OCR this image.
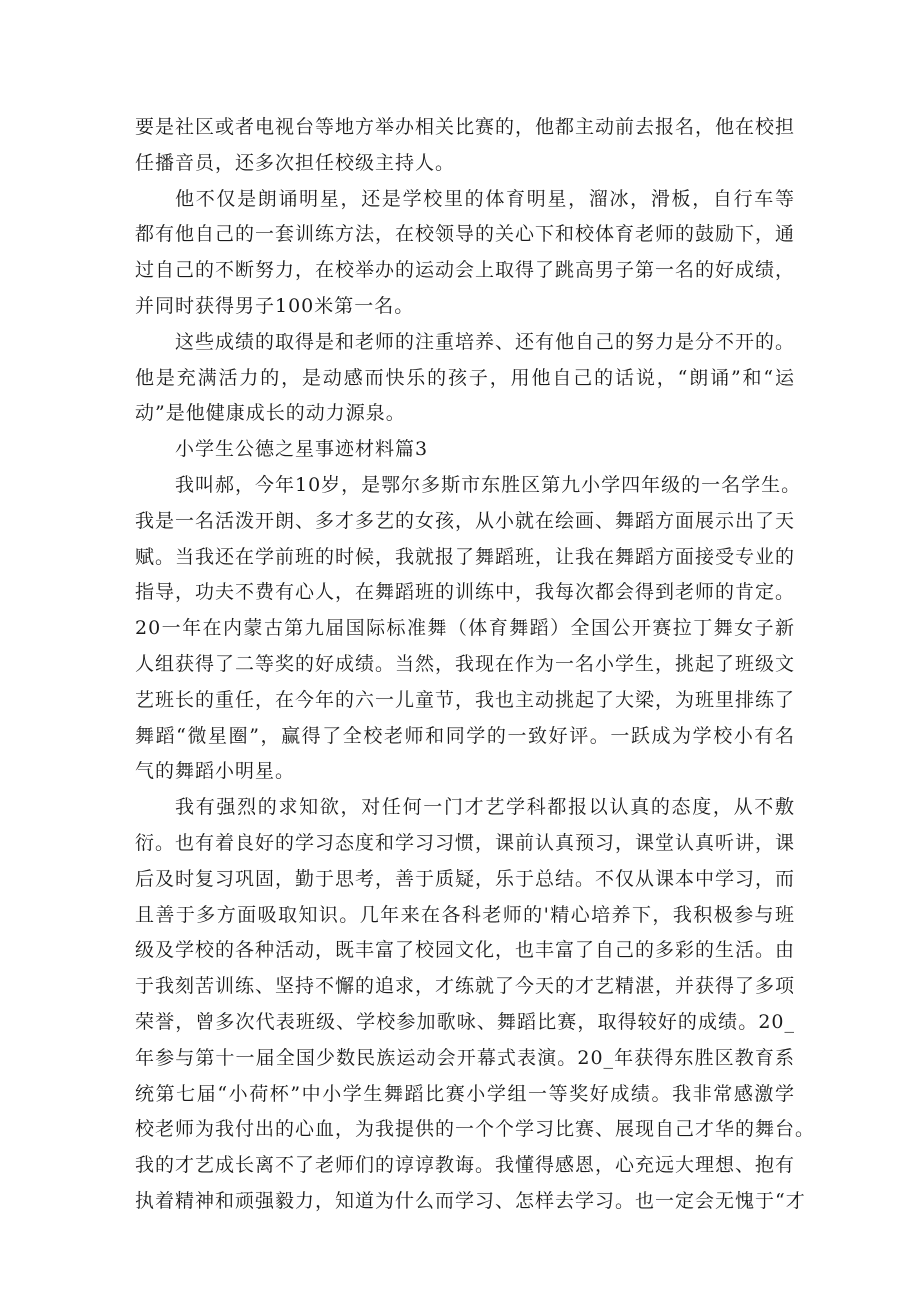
要是社区或者电视台等地方举办相关比赛的，他都主动前去报名，他在校担
任播音员，还多次担任校级主持人。
他不仅是朗诵明星，还是学校里的体育明星，溜冰，滑板，自行车等
都有他自己的一套训练方法，在校领导的关心下和校体育老师的鼓励下，通
过自己的不断努力，在校举办的运动会上取得了跳高男子第一名的好成绩，
并同时获得男子100米第一名。
这些成绩的取得是和老师的注重培养、还有他自己的努力是分不开的。
他是充满活力的，是动感而快乐的孩子，用他自己的话说，“朗诵”和“运
动”是他健康成长的动力源泉。
小学生公德之星事迹材料篇3
我叫郝，今年10岁，是鄂尔多斯市东胜区第九小学四年级的一名学生。
我是一名活泼开朗、多才多艺的女孩，从小就在绘画、舞蹈方面展示出了天
赋。当我还在学前班的时候，我就报了舞蹈班，让我在舞蹈方面接受专业的
指导，功夫不费有心人，在舞蹈班的训练中，我每次都会得到老师的肯定。
20一年在内蒙古第九届国际标准舞（体育舞蹈）全国公开赛拉丁舞女子新
人组获得了二等奖的好成绩。当然，我现在作为一名小学生，挑起了班级文
艺班长的重任，在今年的六一儿童节，我也主动挑起了大梁，为班里排练了
舞蹈“微星圈”，赢得了全校老师和同学的一致好评。一跃成为学校小有名
气的舞蹈小明星。
我有强烈的求知欲，对任何一门才艺学科都报以认真的态度，从不敷
衍。也有着良好的学习态度和学习习惯，课前认真预习，课堂认真听讲，课
后及时复习巩固，勤于思考，善于质疑，乐于总结。不仅从课本中学习，而
且善于多方面吸取知识。几年来在各科老师的'精心培养下，我积极参与班
级及学校的各种活动，既丰富了校园文化，也丰富了自己的多彩的生活。由
于我刻苦训练、坚持不懈的追求，才练就了今天的才艺精湛，并获得了多项
荣誉，曾多次代表班级、学校参加歌咏、舞蹈比赛，取得较好的成绩。20_
年参与第十一届全国少数民族运动会开幕式表演。20_年获得东胜区教育系
统第七届“小荷杯”中小学生舞蹈比赛小学组一等奖好成绩。我非常感激学
校老师为我付出的心血，为我提供的一个个学习比赛、展现自己才华的舞台。
我的才艺成长离不了老师们的谆谆教诲。我懂得感恩，心充远大理想、抱有
执着精神和顽强毅力，知道为什么而学习、怎样去学习。也一定会无愧于“才
